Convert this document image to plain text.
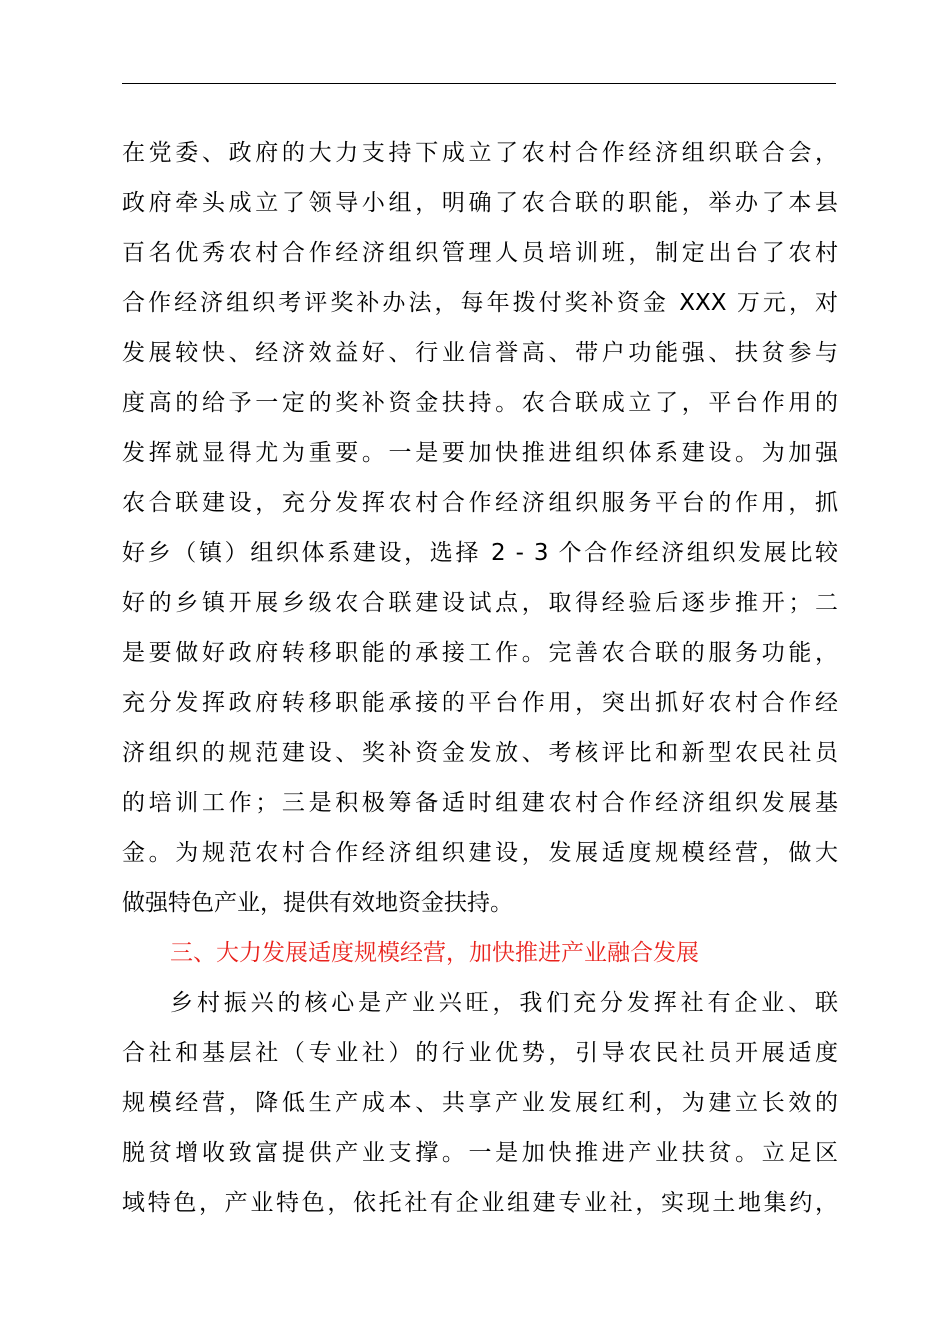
在党委、政府的大力支持下成立了农村合作经济组织联合会，
政府牵头成立了领导小组，明确了农合联的职能，举办了本县
百名优秀农村合作经济组织管理人员培训班，制定出台了农村
合作经济组织考评奖补办法，每年拨付奖补资金 XXX 万元，对
发展较快、经济效益好、行业信誉高、带户功能强、扶贫参与
度高的给予一定的奖补资金扶持。农合联成立了，平台作用的
发挥就显得尤为重要。一是要加快推进组织体系建设。为加强
农合联建设，充分发挥农村合作经济组织服务平台的作用，抓
好乡（镇）组织体系建设，选择 2 - 3 个合作经济组织发展比较
好的乡镇开展乡级农合联建设试点，取得经验后逐步推开；二
是要做好政府转移职能的承接工作。完善农合联的服务功能，
充分发挥政府转移职能承接的平台作用，突出抓好农村合作经
济组织的规范建设、奖补资金发放、考核评比和新型农民社员
的培训工作；三是积极筹备适时组建农村合作经济组织发展基
金。为规范农村合作经济组织建设，发展适度规模经营，做大
做强特色产业，提供有效地资金扶持。
三、大力发展适度规模经营，加快推进产业融合发展
乡村振兴的核心是产业兴旺，我们充分发挥社有企业、联
合社和基层社（专业社）的行业优势，引导农民社员开展适度
规模经营，降低生产成本、共享产业发展红利，为建立长效的
脱贫增收致富提供产业支撑。一是加快推进产业扶贫。立足区
域特色，产业特色，依托社有企业组建专业社，实现土地集约，
